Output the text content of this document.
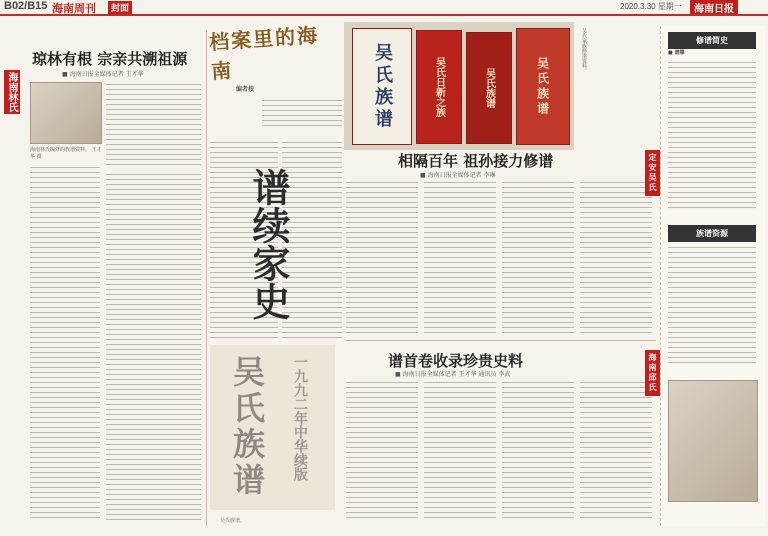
B02/B15 海南周刊	封面	2020.3.30 星期一	海南日报
海南林氏
琼林有根 宗亲共溯祖源
■ 海南日报全媒体记者 王才华
海南林氏编修的族谱资料。 王才华 摄
档案里的海南
编者按
谱续家史
吴氏族谱 一九九二年中华续版
吴氏族谱。
吴氏族谱	吴氏日新之族	吴氏族谱	吴氏族谱
吴氏家族修谱资料。
相隔百年 祖孙接力修谱
■ 海南日报全媒体记者 李琳
谱首卷收录珍贵史料
■ 海南日报全媒体记者 王才华 通讯员 李武
定安吴氏
海南邱氏
修谱简史
■ 谱牒
族谱资源
